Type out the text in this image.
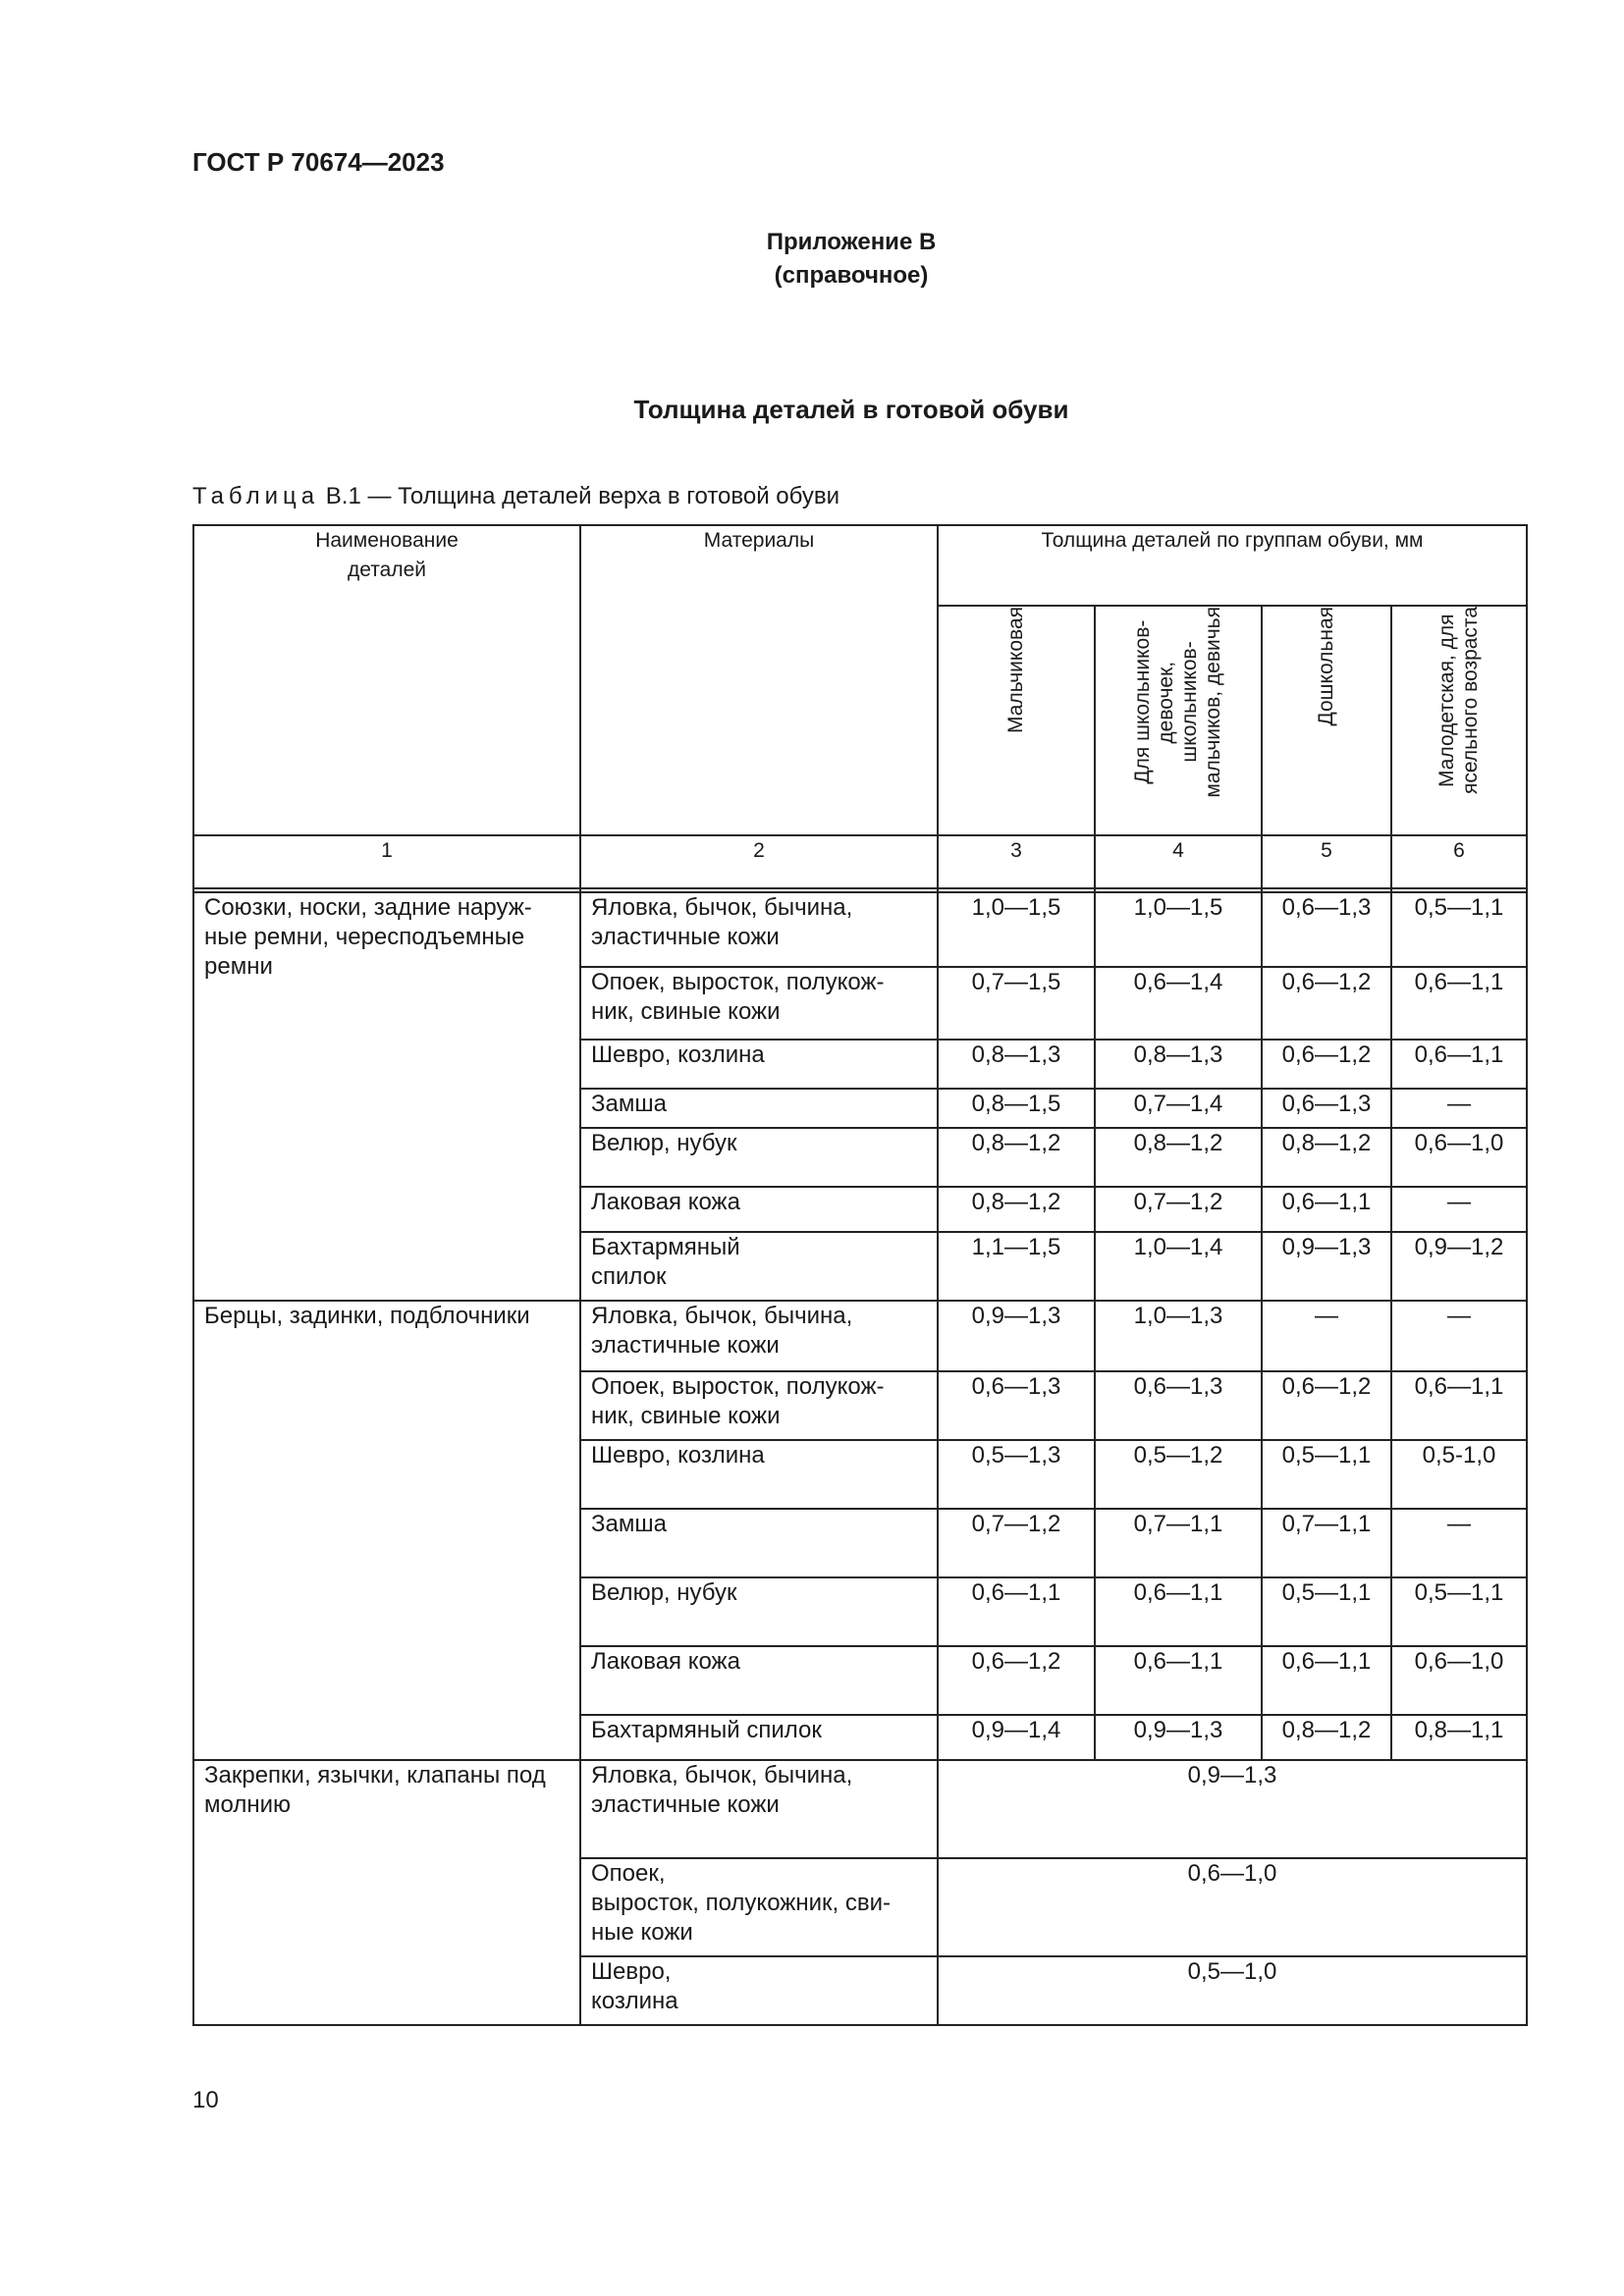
ГОСТ Р 70674—2023
Приложение В
(справочное)
Толщина деталей в готовой обуви
Таблица В.1 — Толщина деталей верха в готовой обуви
Наименование
деталей	Материалы	Толщина деталей по группам обуви, мм			
		Мальчиковая	Для школьников-
девочек,
школьников-
мальчиков, девичья	Дошкольная	Малодетская, для
ясельного возраста
1	2	3	4	5	6

Союзки, носки, задние наруж-
ные ремни, чересподъемные
ремни	Яловка, бычок, бычина,
эластичные кожи	1,0—1,5	1,0—1,5	0,6—1,3	0,5—1,1
	Опоек, выросток, полукож-
ник, свиные кожи	0,7—1,5	0,6—1,4	0,6—1,2	0,6—1,1
	Шевро, козлина	0,8—1,3	0,8—1,3	0,6—1,2	0,6—1,1
	Замша	0,8—1,5	0,7—1,4	0,6—1,3	—
	Велюр, нубук	0,8—1,2	0,8—1,2	0,8—1,2	0,6—1,0
	Лаковая кожа	0,8—1,2	0,7—1,2	0,6—1,1	—
	Бахтармяный
спилок	1,1—1,5	1,0—1,4	0,9—1,3	0,9—1,2
Берцы, задинки, подблочники	Яловка, бычок, бычина,
эластичные кожи	0,9—1,3	1,0—1,3	—	—
	Опоек, выросток, полукож-
ник, свиные кожи	0,6—1,3	0,6—1,3	0,6—1,2	0,6—1,1
	Шевро, козлина	0,5—1,3	0,5—1,2	0,5—1,1	0,5-1,0
	Замша	0,7—1,2	0,7—1,1	0,7—1,1	—
	Велюр, нубук	0,6—1,1	0,6—1,1	0,5—1,1	0,5—1,1
	Лаковая кожа	0,6—1,2	0,6—1,1	0,6—1,1	0,6—1,0
	Бахтармяный спилок	0,9—1,4	0,9—1,3	0,8—1,2	0,8—1,1
Закрепки, язычки, клапаны под
молнию	Яловка, бычок, бычина,
эластичные кожи	0,9—1,3			
	Опоек,
выросток, полукожник, сви-
ные кожи	0,6—1,0			
	Шевро,
козлина	0,5—1,0			
10
